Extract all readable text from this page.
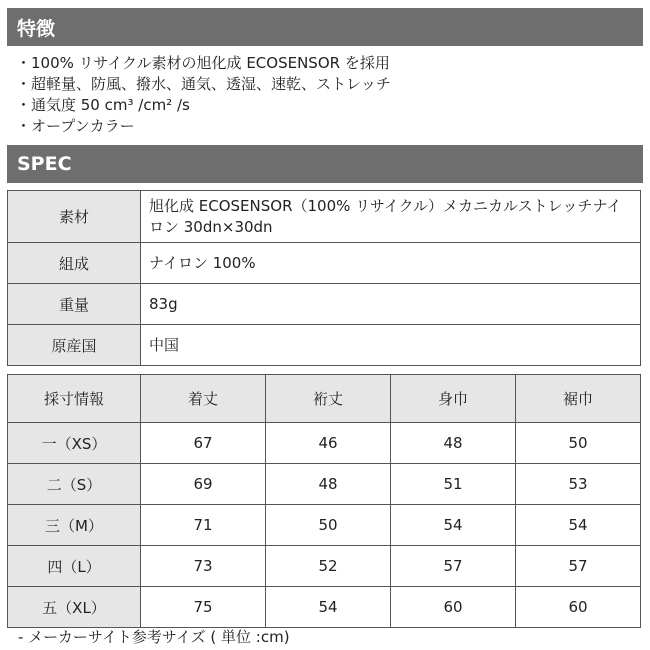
特徴
・100% リサイクル素材の旭化成 ECOSENSOR を採用
・超軽量、防風、撥水、通気、透湿、速乾、ストレッチ
・通気度 50 cm³ /cm² /s
・オープンカラー
SPEC
素材	旭化成 ECOSENSOR（100% リサイクル）メカニカルストレッチナイロン 30dn×30dn
組成	ナイロン 100%
重量	83g
原産国	中国
採寸情報	着丈	裄丈	身巾	裾巾
一（XS）	67	46	48	50
二（S）	69	48	51	53
三（M）	71	50	54	54
四（L）	73	52	57	57
五（XL）	75	54	60	60
- メーカーサイト参考サイズ ( 単位 :cm)
